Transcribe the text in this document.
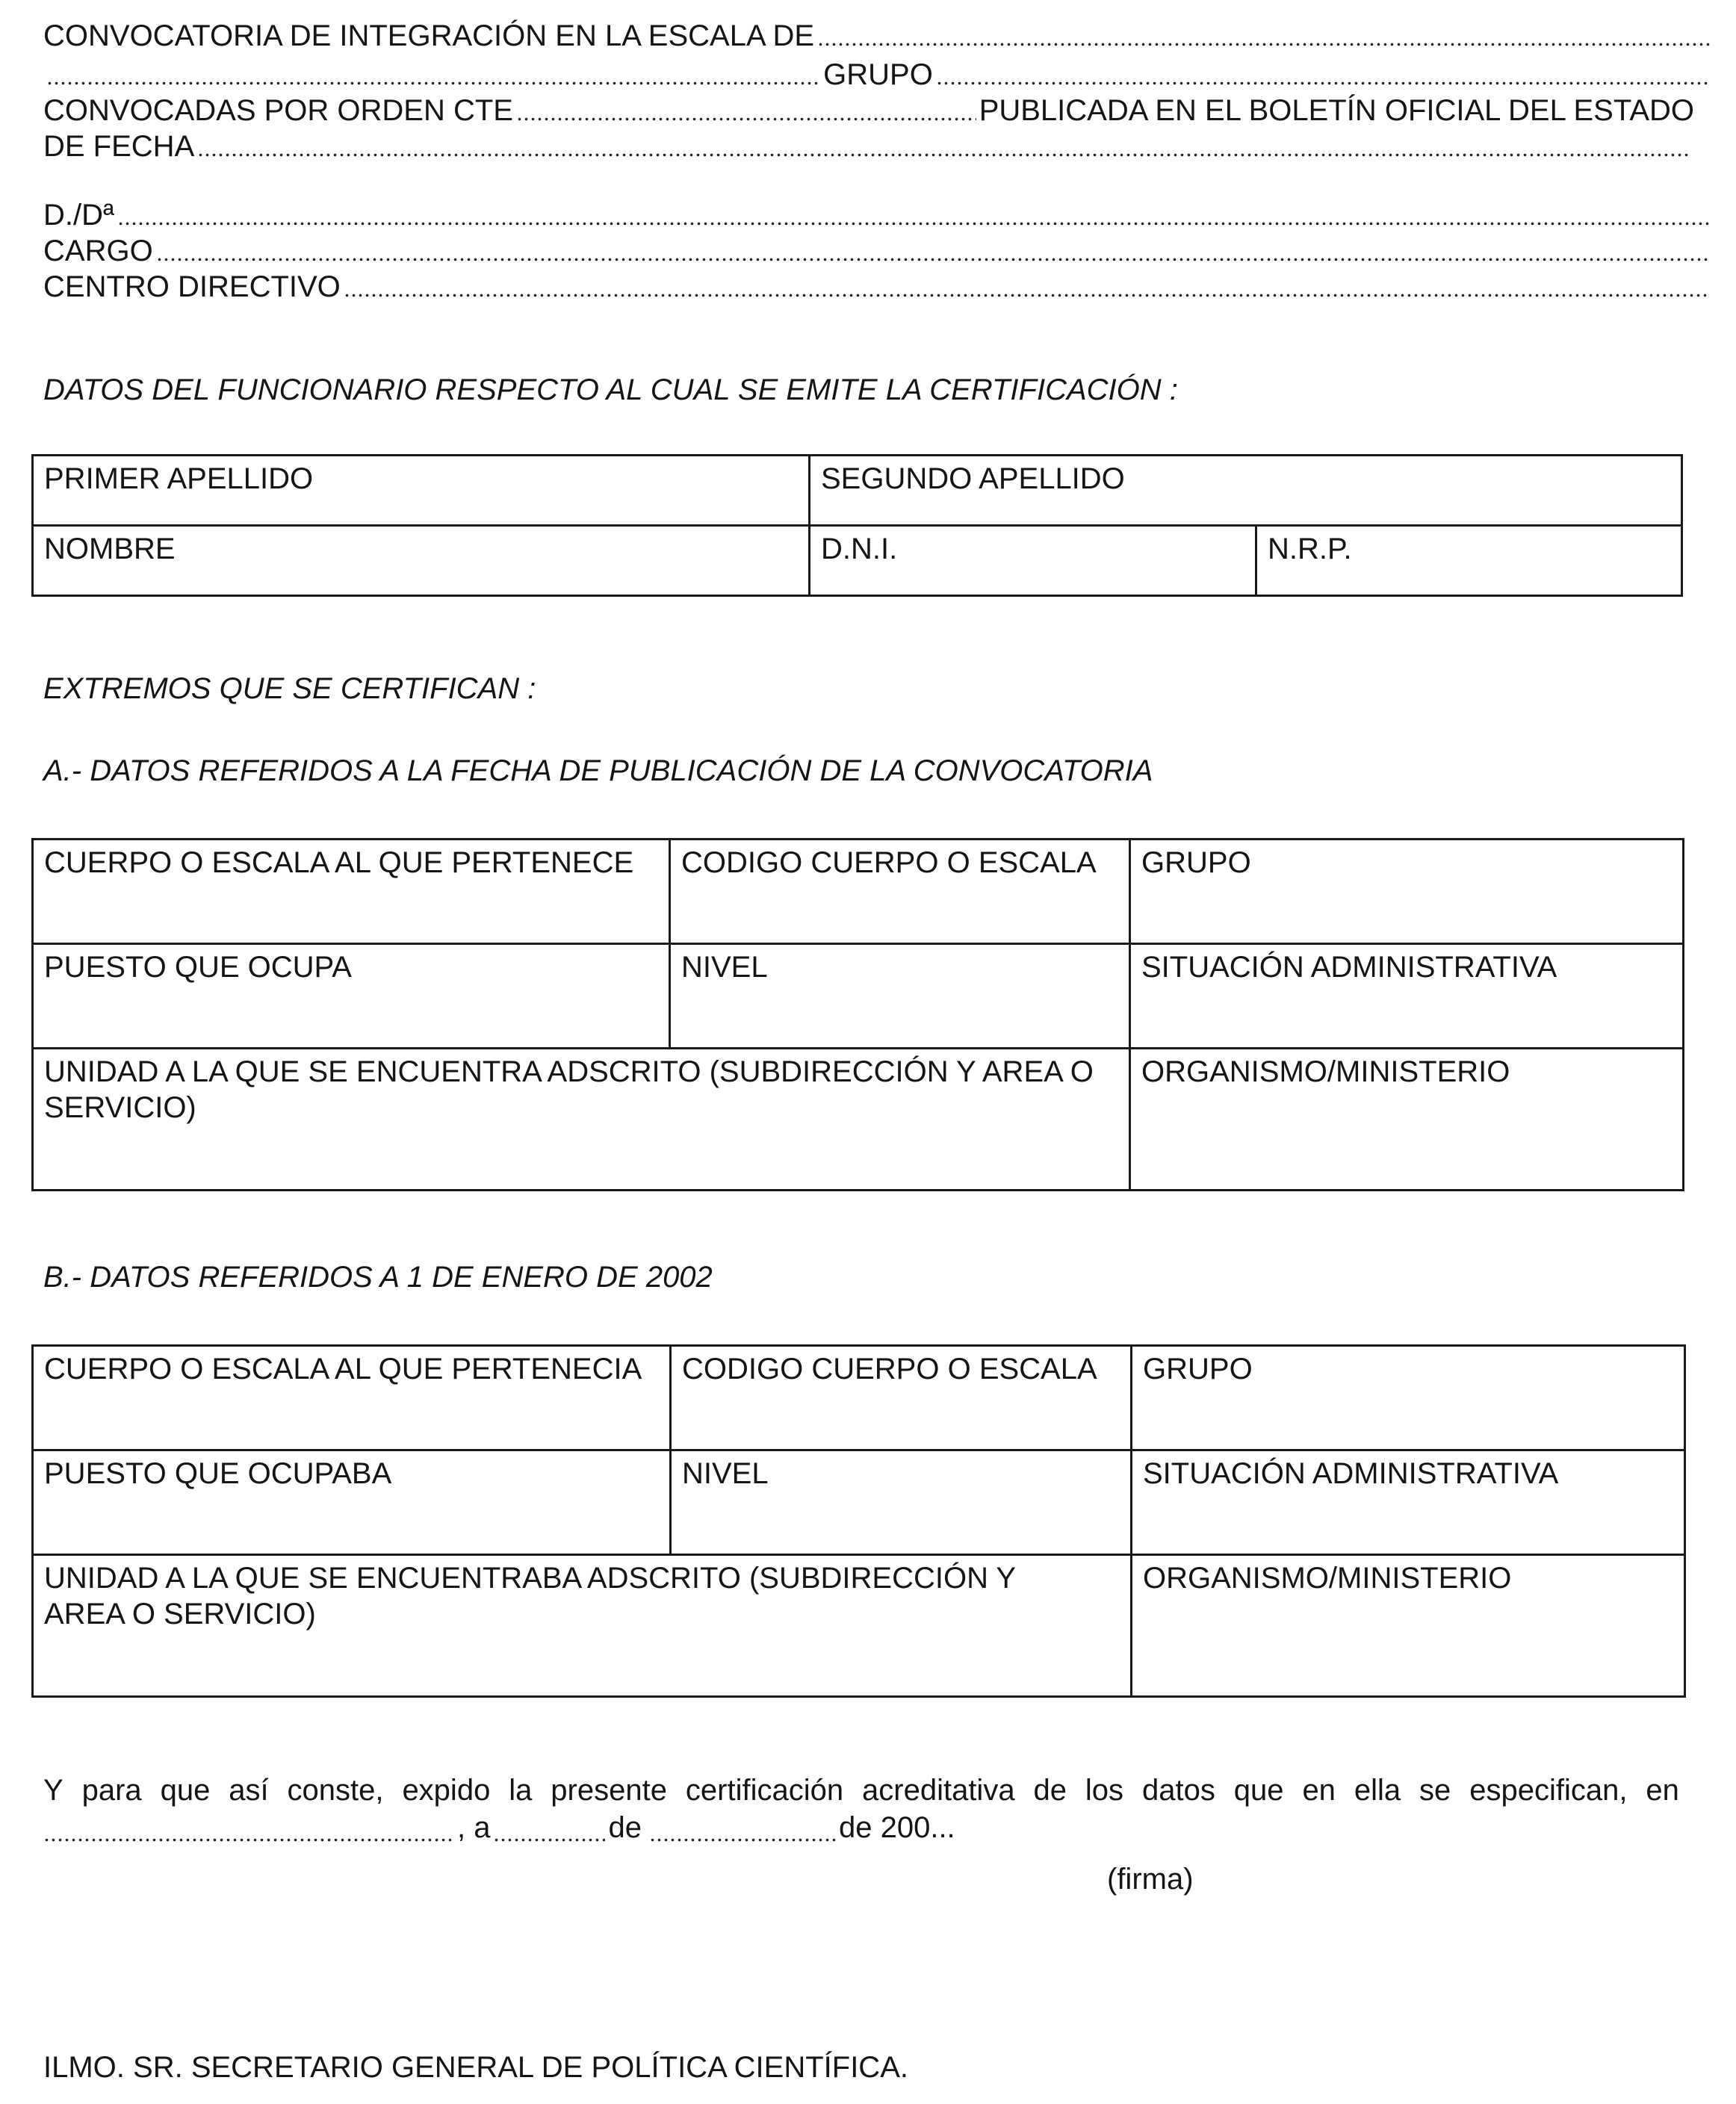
CONVOCATORIA DE INTEGRACIÓN EN LA ESCALA DE
GRUPO
CONVOCADAS POR ORDEN CTE	PUBLICADA EN EL BOLETÍN OFICIAL DEL ESTADO
DE FECHA
D./Dª
CARGO
CENTRO DIRECTIVO
DATOS DEL FUNCIONARIO RESPECTO AL CUAL SE EMITE LA CERTIFICACIÓN :
PRIMER APELLIDO	SEGUNDO APELLIDO	
NOMBRE	D.N.I.	N.R.P.
EXTREMOS QUE SE CERTIFICAN :
A.- DATOS REFERIDOS A LA FECHA DE PUBLICACIÓN DE LA CONVOCATORIA
CUERPO O ESCALA AL QUE PERTENECE	CODIGO CUERPO O ESCALA	GRUPO
PUESTO QUE OCUPA	NIVEL	SITUACIÓN ADMINISTRATIVA
UNIDAD A LA QUE SE ENCUENTRA ADSCRITO (SUBDIRECCIÓN Y AREA O SERVICIO)		ORGANISMO/MINISTERIO
B.- DATOS REFERIDOS A 1 DE ENERO DE 2002
CUERPO O ESCALA AL QUE PERTENECIA	CODIGO CUERPO O ESCALA	GRUPO
PUESTO QUE OCUPABA	NIVEL	SITUACIÓN ADMINISTRATIVA
UNIDAD A LA QUE SE ENCUENTRABA ADSCRITO (SUBDIRECCIÓN Y AREA O SERVICIO)		ORGANISMO/MINISTERIO
Y para que así conste, expido la presente certificación acreditativa de los datos que en ella se especifican, en
, a	de	de 200...
(firma)
ILMO. SR. SECRETARIO GENERAL DE POLÍTICA CIENTÍFICA.
